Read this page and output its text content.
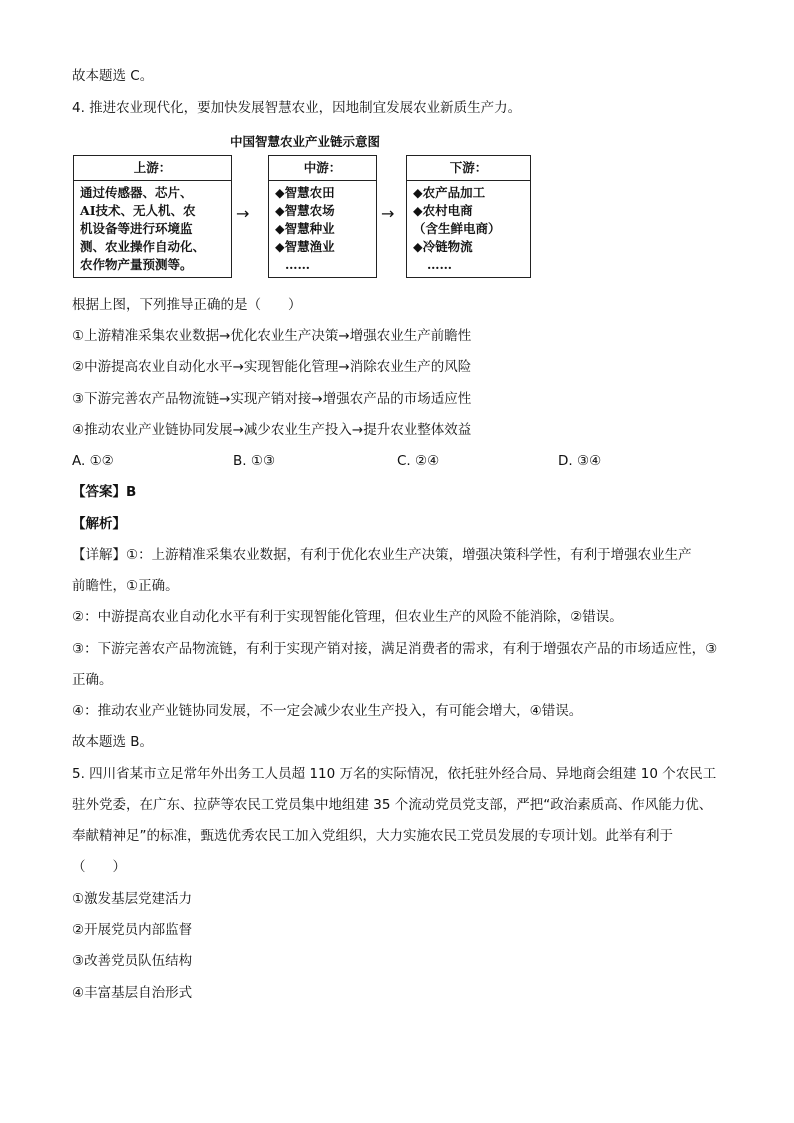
故本题选 C。
4. 推进农业现代化，要加快发展智慧农业，因地制宜发展农业新质生产力。
中国智慧农业产业链示意图
上游：
通过传感器、芯片、
AI技术、无人机、农
机设备等进行环境监
测、农业操作自动化、
农作物产量预测等。
→
中游：
◆智慧农田
◆智慧农场
◆智慧种业
◆智慧渔业
……
→
下游：
◆农产品加工
◆农村电商
（含生鲜电商）
◆冷链物流
……
根据上图，下列推导正确的是（　　）
①上游精准采集农业数据→优化农业生产决策→增强农业生产前瞻性
②中游提高农业自动化水平→实现智能化管理→消除农业生产的风险
③下游完善农产品物流链→实现产销对接→增强农产品的市场适应性
④推动农业产业链协同发展→减少农业生产投入→提升农业整体效益
A. ①②	B. ①③	C. ②④	D. ③④
【答案】B
【解析】
【详解】①：上游精准采集农业数据，有利于优化农业生产决策，增强决策科学性，有利于增强农业生产
前瞻性，①正确。
②：中游提高农业自动化水平有利于实现智能化管理，但农业生产的风险不能消除，②错误。
③：下游完善农产品物流链，有利于实现产销对接，满足消费者的需求，有利于增强农产品的市场适应性，③
正确。
④：推动农业产业链协同发展，不一定会减少农业生产投入，有可能会增大，④错误。
故本题选 B。
5. 四川省某市立足常年外出务工人员超 110 万名的实际情况，依托驻外经合局、异地商会组建 10 个农民工
驻外党委，在广东、拉萨等农民工党员集中地组建 35 个流动党员党支部，严把“政治素质高、作风能力优、
奉献精神足”的标准，甄选优秀农民工加入党组织，大力实施农民工党员发展的专项计划。此举有利于
（　　）
①激发基层党建活力
②开展党员内部监督
③改善党员队伍结构
④丰富基层自治形式
